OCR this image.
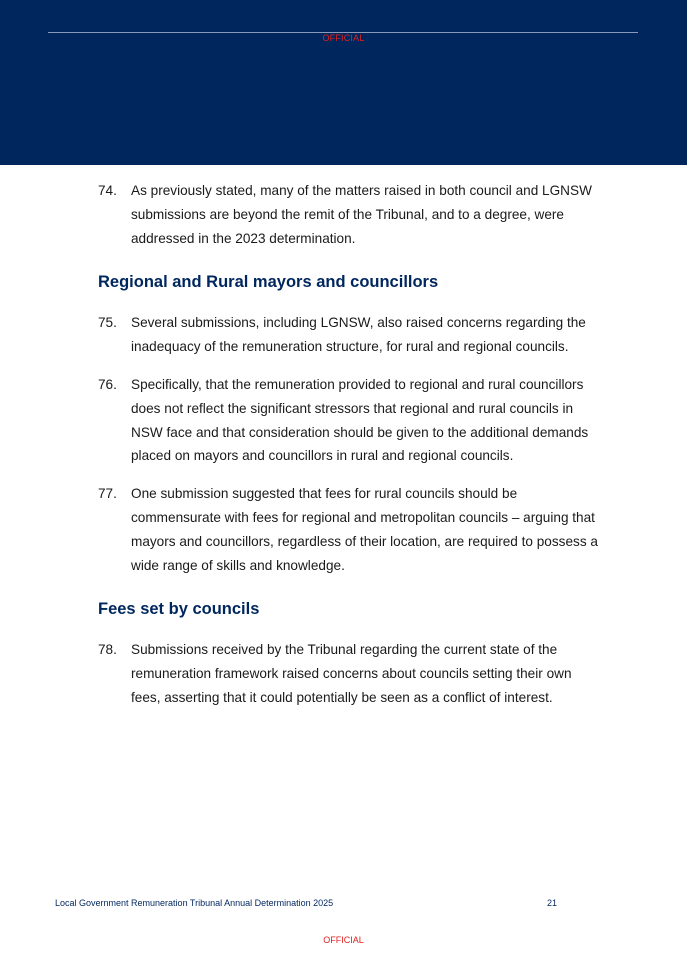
OFFICIAL

74. As previously stated, many of the matters raised in both council and LGNSW submissions are beyond the remit of the Tribunal, and to a degree, were addressed in the 2023 determination.

Regional and Rural mayors and councillors

75. Several submissions, including LGNSW, also raised concerns regarding the inadequacy of the remuneration structure, for rural and regional councils.

76. Specifically, that the remuneration provided to regional and rural councillors does not reflect the significant stressors that regional and rural councils in NSW face and that consideration should be given to the additional demands placed on mayors and councillors in rural and regional councils.

77. One submission suggested that fees for rural councils should be commensurate with fees for regional and metropolitan councils – arguing that mayors and councillors, regardless of their location, are required to possess a wide range of skills and knowledge.

Fees set by councils

78. Submissions received by the Tribunal regarding the current state of the remuneration framework raised concerns about councils setting their own fees, asserting that it could potentially be seen as a conflict of interest.

Local Government Remuneration Tribunal Annual Determination 2025	21
OFFICIAL
